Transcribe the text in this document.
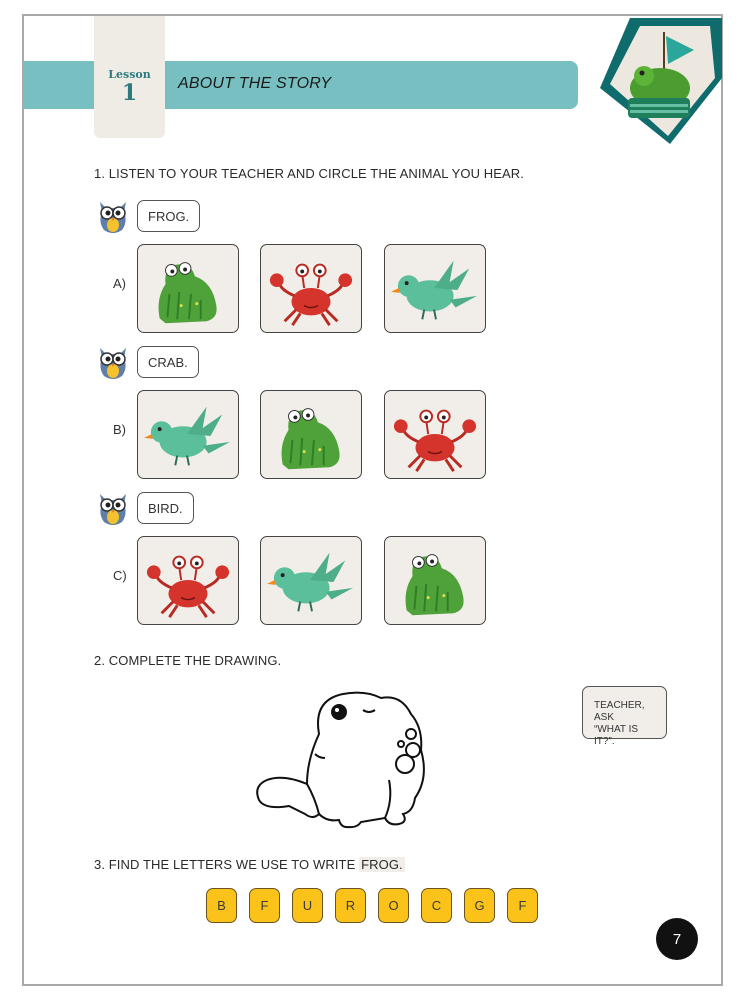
Lesson
1	ABOUT THE STORY
1. LISTEN TO YOUR TEACHER AND CIRCLE THE ANIMAL YOU HEAR.
FROG.
A)
CRAB.
B)
BIRD.
C)
2. COMPLETE THE DRAWING.
TEACHER, ASK
“WHAT IS IT?”.
3. FIND THE LETTERS WE USE TO WRITE FROG.
B	F	U	R	O	C	G	F
7
